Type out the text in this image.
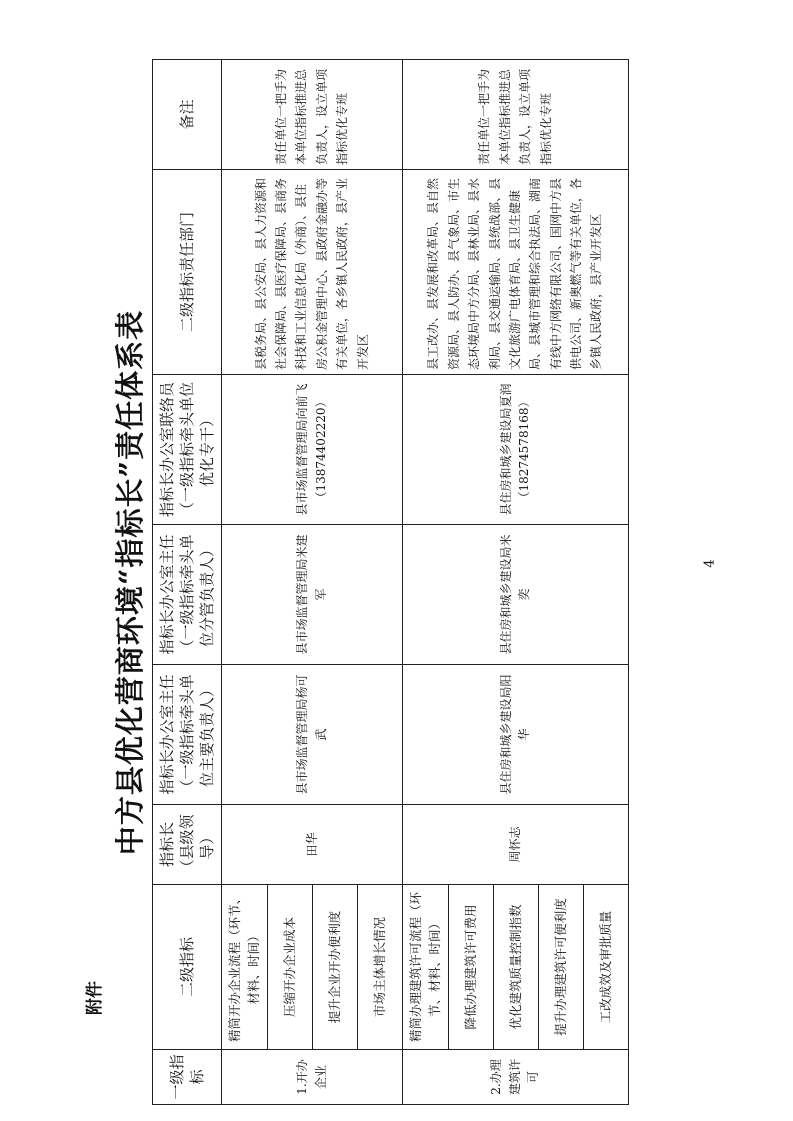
附件
中方县优化营商环境“指标长”责任体系表
一级指标	二级指标	指标长（县级领导）	指标长办公室主任（一级指标牵头单位主要负责人）	指标长办公室主任（一级指标牵头单位分管负责人）	指标长办公室联络员（一级指标牵头单位优化专干）	二级指标责任部门	备注
1.开办企业	精简开办企业流程（环节、材料、时间）	田华	县市场监督管理局杨可武	县市场监督管理局米建军	县市场监督管理局向前飞（13874402220）	县税务局、县公安局、县人力资源和社会保障局、县医疗保障局、县商务科技和工业信息化局（外商）、县住房公积金管理中心、县政府金融办等有关单位，各乡镇人民政府，县产业开发区	责任单位一把手为本单位指标推进总负责人，设立单项指标优化专班
	压缩开办企业成本						
	提升企业开办便利度						
	市场主体增长情况						
2.办理建筑许可	精简办理建筑许可流程（环节、材料、时间）	周怀志	县住房和城乡建设局阳华	县住房和城乡建设局米奕	县住房和城乡建设局夏润（18274578168）	县工改办、县发展和改革局、县自然资源局、县人防办、县气象局、市生态环境局中方分局、县林业局、县水利局、县交通运输局、县统战部、县文化旅游广电体育局、县卫生健康局、县城市管理和综合执法局、湖南有线中方网络有限公司、国网中方县供电公司、新奥燃气等有关单位，各乡镇人民政府，县产业开发区	责任单位一把手为本单位指标推进总负责人，设立单项指标优化专班
	降低办理建筑许可费用						
	优化建筑质量控制指数						
	提升办理建筑许可便利度						
	工改成效及审批质量						
4
